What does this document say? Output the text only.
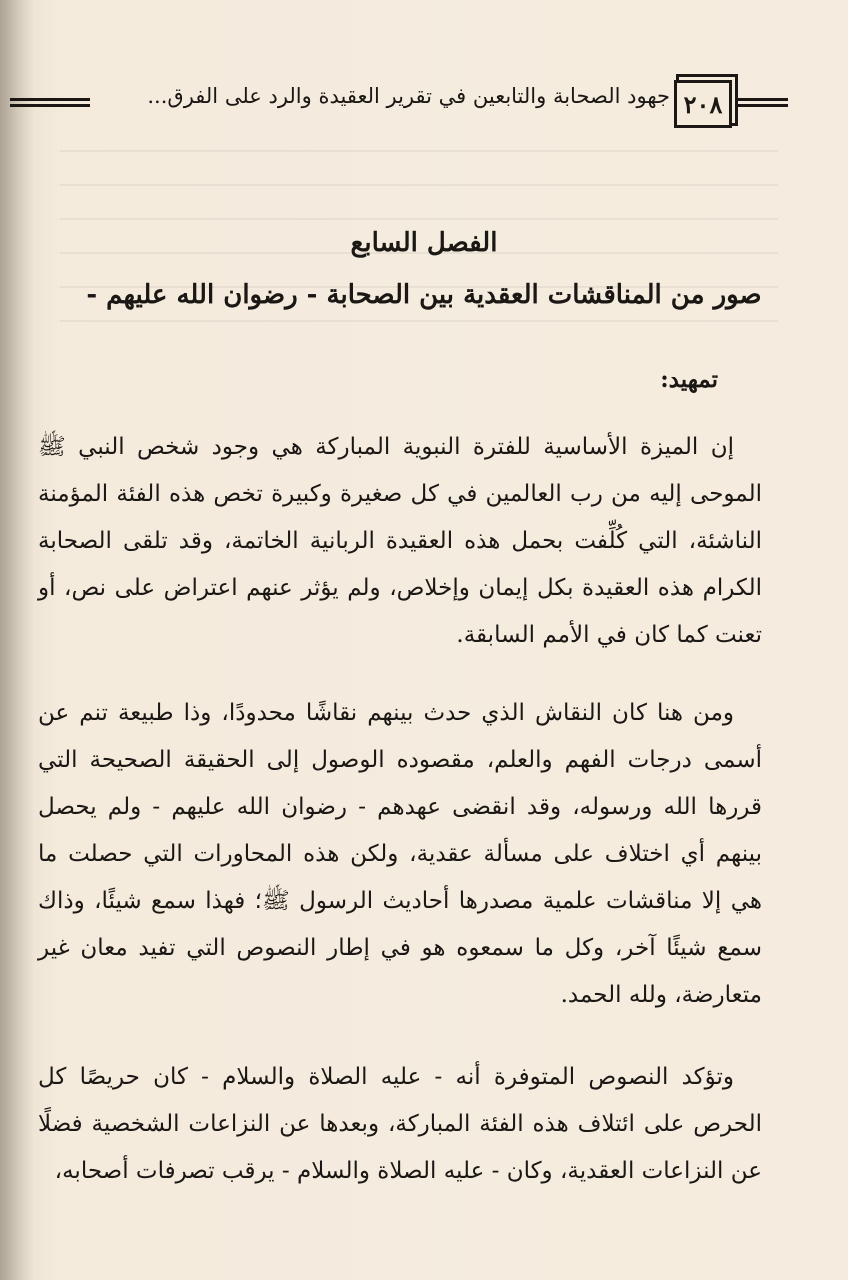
جهود الصحابة والتابعين في تقرير العقيدة والرد على الفرق... ٢٠٨
الفصل السابع
صور من المناقشات العقدية بين الصحابة - رضوان الله عليهم -
تمهيد:

إن الميزة الأساسية للفترة النبوية المباركة هي وجود شخص النبي ﷺ الموحى إليه من رب العالمين في كل صغيرة وكبيرة تخص هذه الفئة المؤمنة الناشئة، التي كُلِّفت بحمل هذه العقيدة الربانية الخاتمة، وقد تلقى الصحابة الكرام هذه العقيدة بكل إيمان وإخلاص، ولم يؤثر عنهم اعتراض على نص، أو تعنت كما كان في الأمم السابقة.

ومن هنا كان النقاش الذي حدث بينهم نقاشًا محدودًا، وذا طبيعة تنم عن أسمى درجات الفهم والعلم، مقصوده الوصول إلى الحقيقة الصحيحة التي قررها الله ورسوله، وقد انقضى عهدهم - رضوان الله عليهم - ولم يحصل بينهم أي اختلاف على مسألة عقدية، ولكن هذه المحاورات التي حصلت ما هي إلا مناقشات علمية مصدرها أحاديث الرسول ﷺ؛ فهذا سمع شيئًا، وذاك سمع شيئًا آخر، وكل ما سمعوه هو في إطار النصوص التي تفيد معان غير متعارضة، ولله الحمد.

وتؤكد النصوص المتوفرة أنه - عليه الصلاة والسلام - كان حريصًا كل الحرص على ائتلاف هذه الفئة المباركة، وبعدها عن النزاعات الشخصية فضلًا عن النزاعات العقدية، وكان - عليه الصلاة والسلام - يرقب تصرفات أصحابه،
